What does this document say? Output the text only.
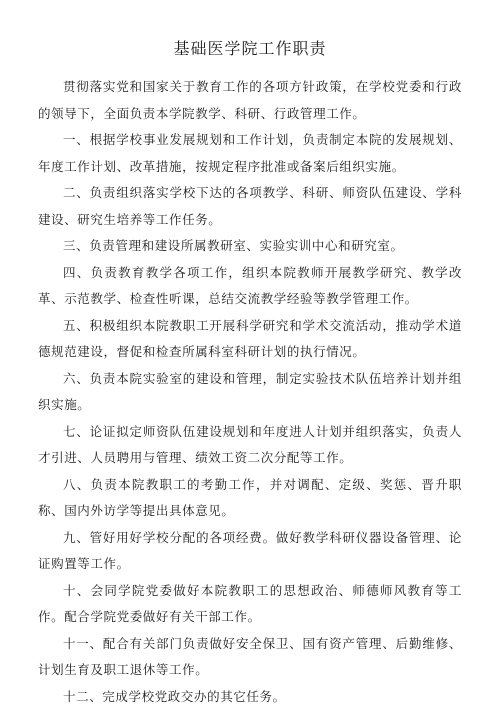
基础医学院工作职责

贯彻落实党和国家关于教育工作的各项方针政策，在学校党委和行政的领导下，全面负责本学院教学、科研、行政管理工作。

一、根据学校事业发展规划和工作计划，负责制定本院的发展规划、年度工作计划、改革措施，按规定程序批准或备案后组织实施。

二、负责组织落实学校下达的各项教学、科研、师资队伍建设、学科建设、研究生培养等工作任务。

三、负责管理和建设所属教研室、实验实训中心和研究室。

四、负责教育教学各项工作，组织本院教师开展教学研究、教学改革、示范教学、检查性听课，总结交流教学经验等教学管理工作。

五、积极组织本院教职工开展科学研究和学术交流活动，推动学术道德规范建设，督促和检查所属科室科研计划的执行情况。

六、负责本院实验室的建设和管理，制定实验技术队伍培养计划并组织实施。

七、论证拟定师资队伍建设规划和年度进人计划并组织落实，负责人才引进、人员聘用与管理、绩效工资二次分配等工作。

八、负责本院教职工的考勤工作，并对调配、定级、奖惩、晋升职称、国内外访学等提出具体意见。

九、管好用好学校分配的各项经费。做好教学科研仪器设备管理、论证购置等工作。

十、会同学院党委做好本院教职工的思想政治、师德师风教育等工作。配合学院党委做好有关干部工作。

十一、配合有关部门负责做好安全保卫、国有资产管理、后勤维修、计划生育及职工退休等工作。

十二、完成学校党政交办的其它任务。
